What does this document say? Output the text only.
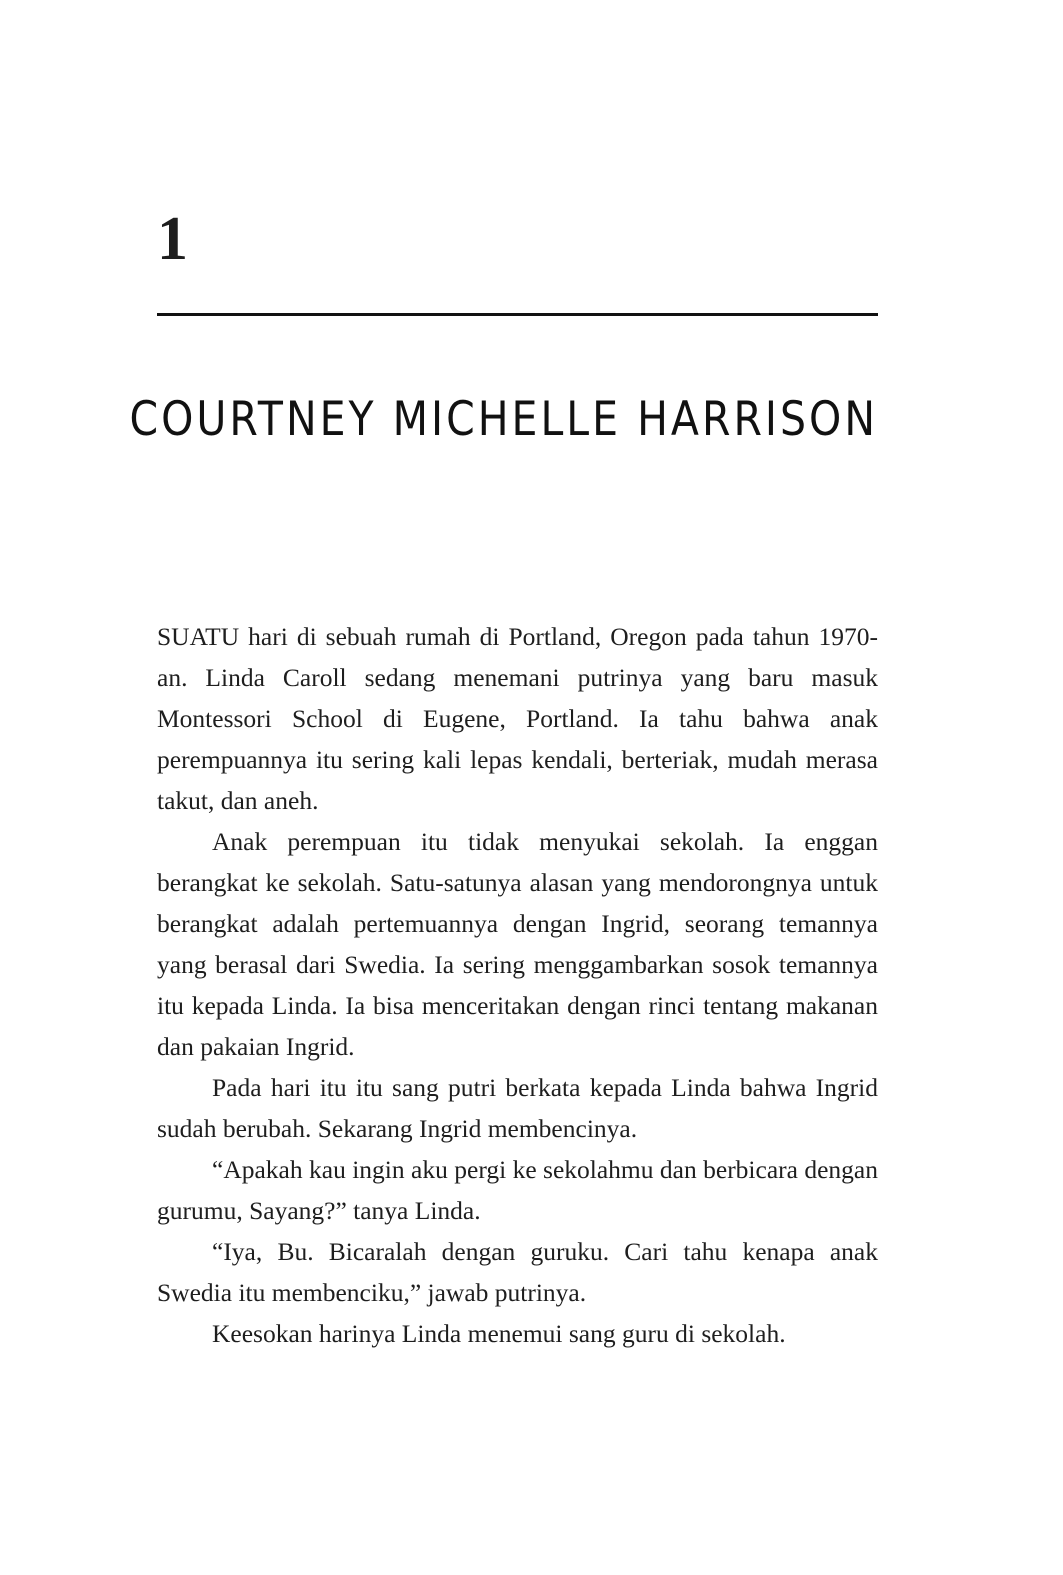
1
COURTNEY MICHELLE HARRISON

SUATU hari di sebuah rumah di Portland, Oregon pada tahun 1970-an. Linda Caroll sedang menemani putrinya yang baru masuk Montessori School di Eugene, Portland. Ia tahu bahwa anak perempuannya itu sering kali lepas kendali, berteriak, mudah merasa takut, dan aneh.

Anak perempuan itu tidak menyukai sekolah. Ia enggan berangkat ke sekolah. Satu-satunya alasan yang mendorongnya untuk berangkat adalah pertemuannya dengan Ingrid, seorang temannya yang berasal dari Swedia. Ia sering menggambarkan sosok temannya itu kepada Linda. Ia bisa menceritakan dengan rinci tentang makanan dan pakaian Ingrid.

Pada hari itu itu sang putri berkata kepada Linda bahwa Ingrid sudah berubah. Sekarang Ingrid membencinya.

“Apakah kau ingin aku pergi ke sekolahmu dan berbicara dengan gurumu, Sayang?” tanya Linda.

“Iya, Bu. Bicaralah dengan guruku. Cari tahu kenapa anak Swedia itu membenciku,” jawab putrinya.

Keesokan harinya Linda menemui sang guru di sekolah.
